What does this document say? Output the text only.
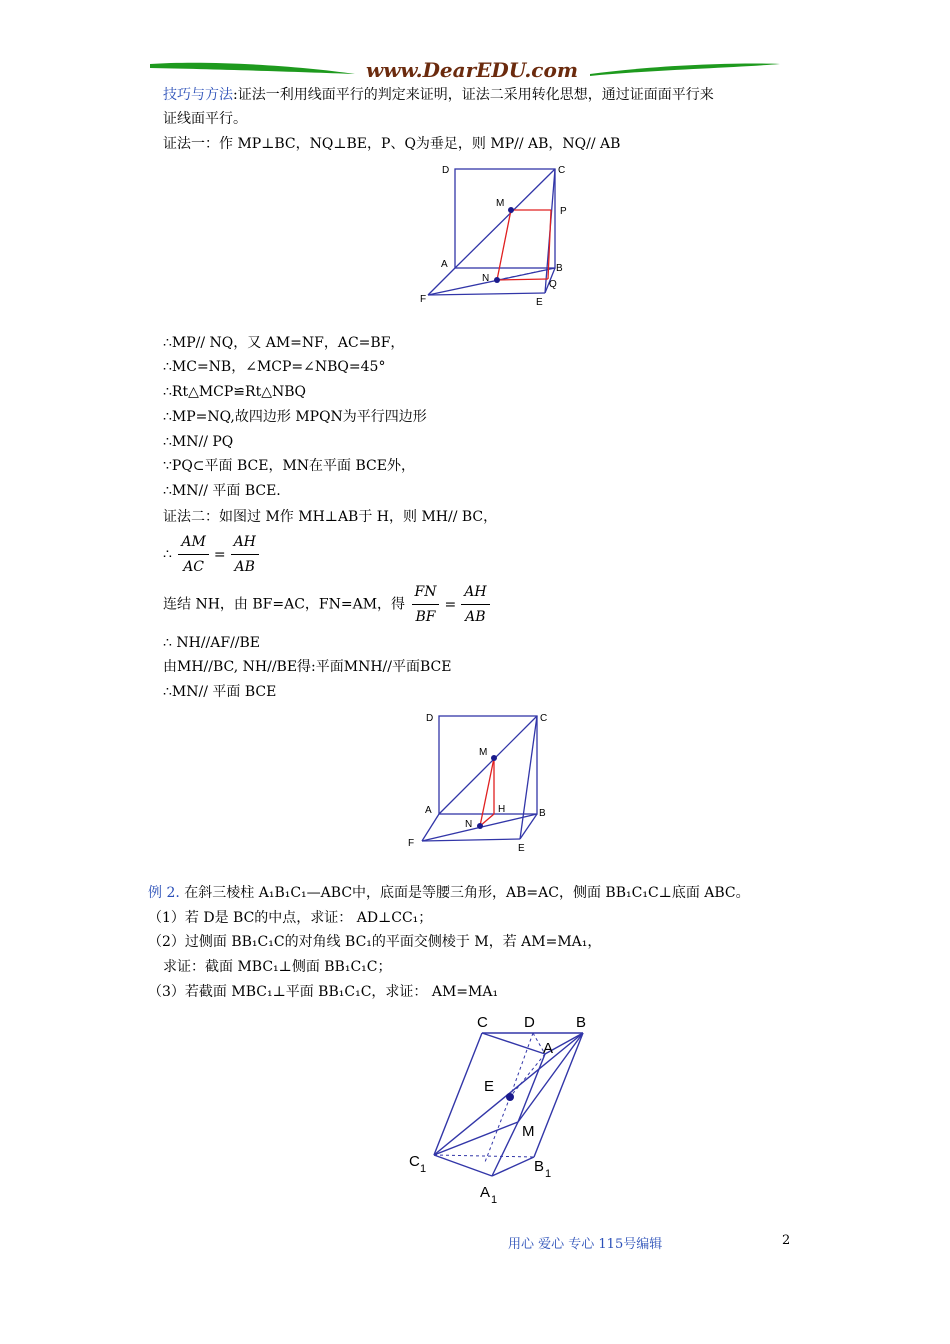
www.DearEDU.com
技巧与方法:证法一利用线面平行的判定来证明，证法二采用转化思想，通过证面面平行来
证线面平行。
证法一：作 MP⊥BC，NQ⊥BE，P、Q为垂足，则 MP// AB，NQ// AB
D	C
M
P
A
N
B
Q
F	E
∴MP// NQ，又 AM=NF，AC=BF，
∴MC=NB，∠MCP=∠NBQ=45°
∴Rt△MCP≌Rt△NBQ
∴MP=NQ,故四边形 MPQN为平行四边形
∴MN// PQ
∵PQ⊂平面 BCE，MN在平面 BCE外，
∴MN// 平面 BCE.
证法二：如图过 M作 MH⊥AB于 H，则 MH// BC，
∴ $\frac{AM}{AC} = \frac{AH}{AB}$
连结 NH，由 BF=AC，FN=AM，得 $\frac{FN}{BF} = \frac{AH}{AB}$
∴ NH//AF//BE
由MH//BC, NH//BE得:平面MNH//平面BCE
∴MN// 平面 BCE
D	C
M
A	H	B
N
F	E
例 2. 在斜三棱柱 A₁B₁C₁—ABC中，底面是等腰三角形，AB=AC，侧面 BB₁C₁C⊥底面 ABC。
（1）若 D是 BC的中点，求证： AD⊥CC₁；
（2）过侧面 BB₁C₁C的对角线 BC₁的平面交侧棱于 M，若 AM=MA₁，
求证：截面 MBC₁⊥侧面 BB₁C₁C；
（3）若截面 MBC₁⊥平面 BB₁C₁C，求证： AM=MA₁
C D	B
A
E
M
C 1	B 1
A 1
用心 爱心 专心 115号编辑	2
